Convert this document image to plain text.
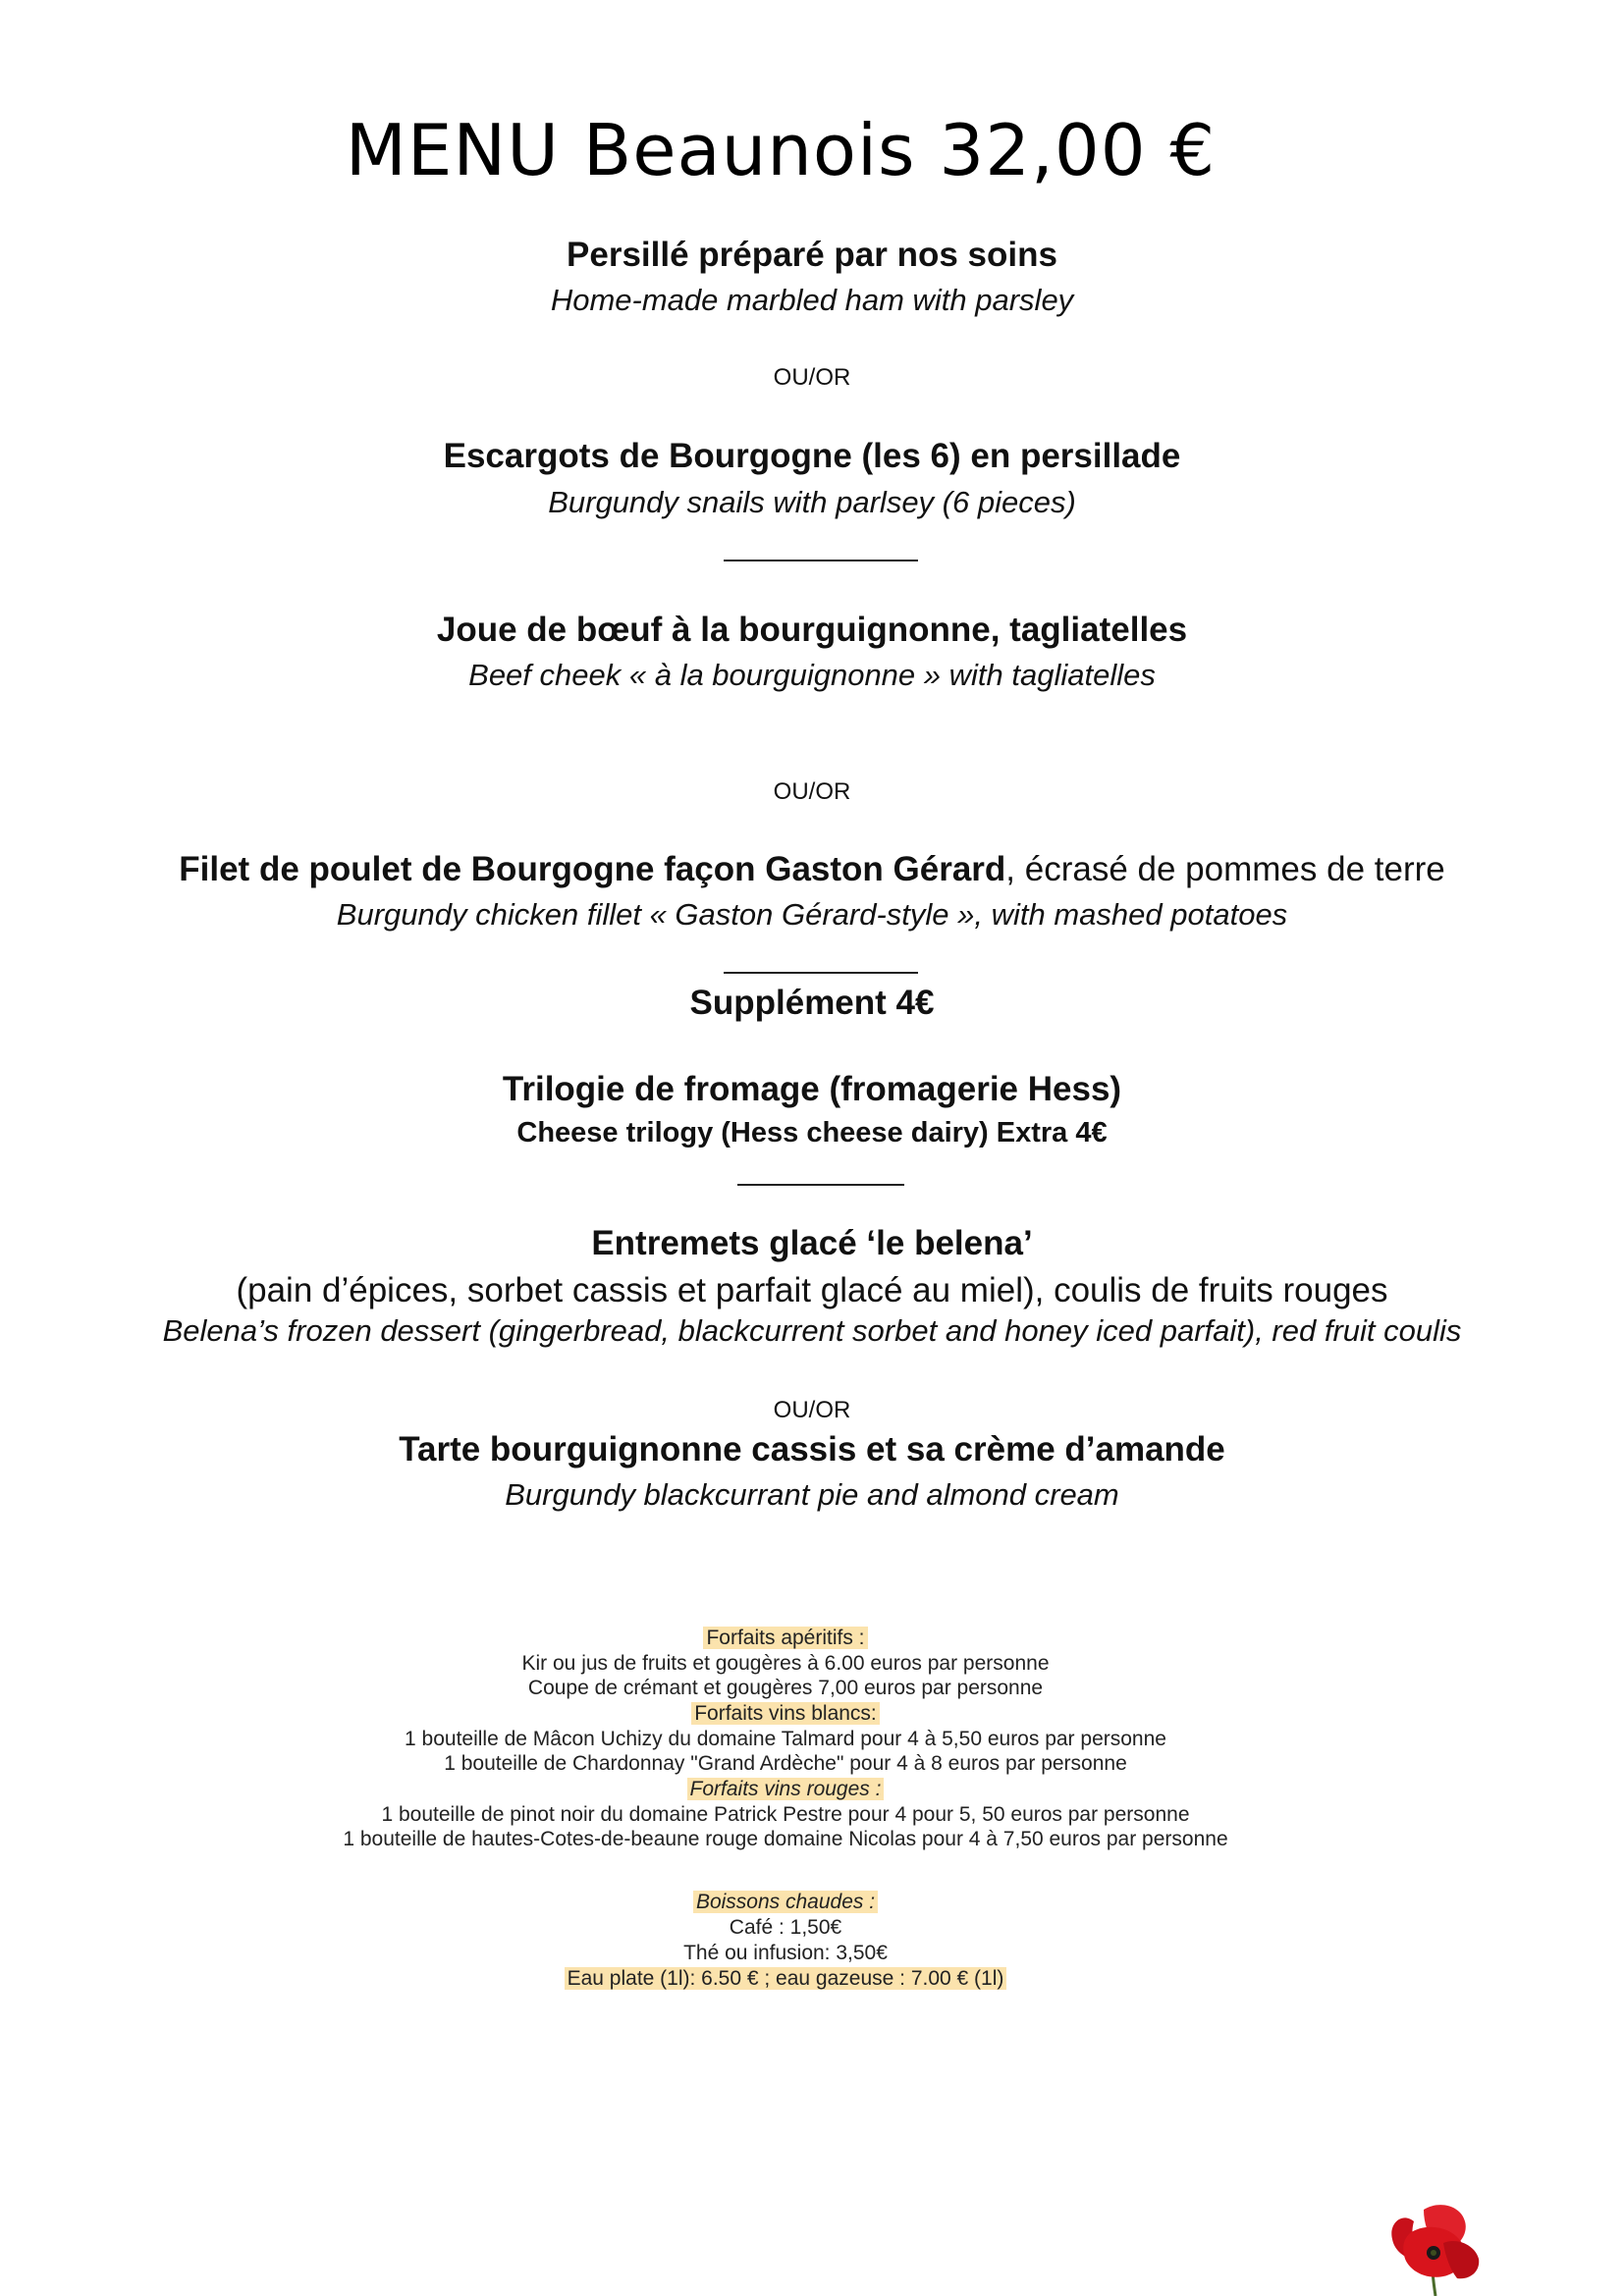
MENU Beaunois 32,00 €
Persillé préparé par nos soins
Home-made marbled ham with parsley
OU/OR
Escargots de Bourgogne (les 6) en persillade
Burgundy snails with parlsey (6 pieces)
Joue de bœuf à la bourguignonne, tagliatelles
Beef cheek « à la bourguignonne » with tagliatelles
OU/OR
Filet de poulet de Bourgogne façon Gaston Gérard, écrasé de pommes de terre
Burgundy chicken fillet « Gaston Gérard-style », with mashed potatoes
Supplément 4€
Trilogie de fromage (fromagerie Hess)
Cheese trilogy (Hess cheese dairy) Extra 4€
Entremets glacé ‘le belena’
(pain d’épices, sorbet cassis et parfait glacé au miel), coulis de fruits rouges
Belena’s frozen dessert (gingerbread, blackcurrent sorbet and honey iced parfait), red fruit coulis
OU/OR
Tarte bourguignonne cassis et sa crème d’amande
Burgundy blackcurrant pie and almond cream
Forfaits apéritifs :
Kir ou jus de fruits et gougères à 6.00 euros par personne
Coupe de crémant et gougères 7,00 euros par personne
Forfaits vins blancs:
1 bouteille de Mâcon Uchizy du domaine Talmard pour 4 à 5,50 euros par personne
1 bouteille de Chardonnay "Grand Ardèche" pour 4 à 8 euros par personne
Forfaits vins rouges :
1 bouteille de pinot noir du domaine Patrick Pestre pour 4 pour 5, 50 euros par personne
1 bouteille de hautes-Cotes-de-beaune rouge domaine Nicolas pour 4 à 7,50 euros par personne
Boissons chaudes :
Café : 1,50€
Thé ou infusion: 3,50€
Eau plate (1l): 6.50 € ; eau gazeuse : 7.00 € (1l)
